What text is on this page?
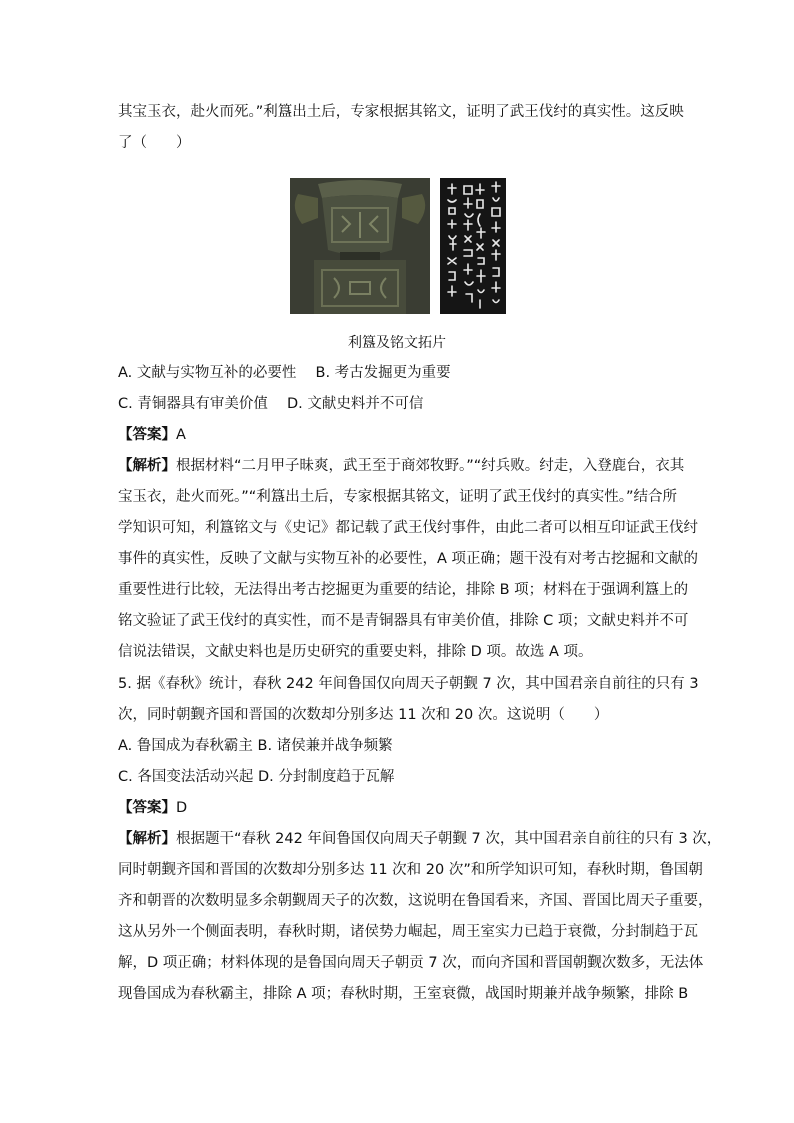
其宝玉衣，赴火而死。”利簋出土后，专家根据其铭文，证明了武王伐纣的真实性。这反映
了（　　）
利簋及铭文拓片
A. 文献与实物互补的必要性　 B. 考古发掘更为重要
C. 青铜器具有审美价值　 D. 文献史料并不可信
【答案】A
【解析】根据材料“二月甲子昧爽，武王至于商郊牧野。”“纣兵败。纣走，入登鹿台，衣其
宝玉衣，赴火而死。”“利簋出土后，专家根据其铭文，证明了武王伐纣的真实性。”结合所
学知识可知，利簋铭文与《史记》都记载了武王伐纣事件，由此二者可以相互印证武王伐纣
事件的真实性，反映了文献与实物互补的必要性，A 项正确；题干没有对考古挖掘和文献的
重要性进行比较，无法得出考古挖掘更为重要的结论，排除 B 项；材料在于强调利簋上的
铭文验证了武王伐纣的真实性，而不是青铜器具有审美价值，排除 C 项；文献史料并不可
信说法错误，文献史料也是历史研究的重要史料，排除 D 项。故选 A 项。
5. 据《春秋》统计，春秋 242 年间鲁国仅向周天子朝觐 7 次，其中国君亲自前往的只有 3
次，同时朝觐齐国和晋国的次数却分别多达 11 次和 20 次。这说明（　　）
A. 鲁国成为春秋霸主 B. 诸侯兼并战争频繁
C. 各国变法活动兴起 D. 分封制度趋于瓦解
【答案】D
【解析】根据题干“春秋 242 年间鲁国仅向周天子朝觐 7 次，其中国君亲自前往的只有 3 次，
同时朝觐齐国和晋国的次数却分别多达 11 次和 20 次”和所学知识可知，春秋时期，鲁国朝
齐和朝晋的次数明显多余朝觐周天子的次数，这说明在鲁国看来，齐国、晋国比周天子重要，
这从另外一个侧面表明，春秋时期，诸侯势力崛起，周王室实力已趋于衰微，分封制趋于瓦
解，D 项正确；材料体现的是鲁国向周天子朝贡 7 次，而向齐国和晋国朝觐次数多，无法体
现鲁国成为春秋霸主，排除 A 项；春秋时期，王室衰微，战国时期兼并战争频繁，排除 B
